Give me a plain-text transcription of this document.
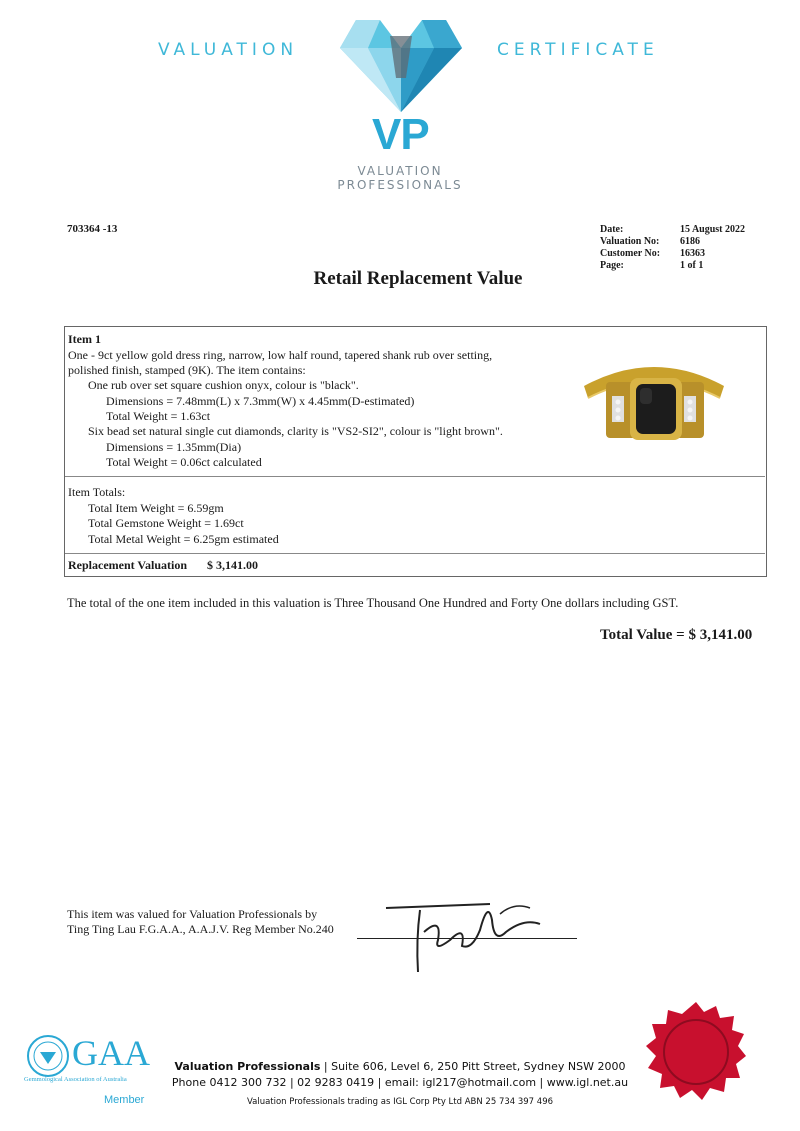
VALUATION	CERTIFICATE
VP
VALUATION
PROFESSIONALS
703364 -13	Date:	15 August 2022
Valuation No: 6186
Customer No: 16363
Page:	1 of 1
Retail Replacement Value
Item 1
One - 9ct yellow gold dress ring, narrow, low half round, tapered shank rub over setting,
polished finish, stamped (9K). The item contains:
One rub over set square cushion onyx, colour is "black".
Dimensions = 7.48mm(L) x 7.3mm(W) x 4.45mm(D-estimated)
Total Weight = 1.63ct
Six bead set natural single cut diamonds, clarity is "VS2-SI2", colour is "light brown".
Dimensions = 1.35mm(Dia)
Total Weight = 0.06ct calculated
Item Totals:
Total Item Weight = 6.59gm
Total Gemstone Weight = 1.69ct
Total Metal Weight = 6.25gm estimated
Replacement Valuation $ 3,141.00
The total of the one item included in this valuation is Three Thousand One Hundred and Forty One dollars including GST.
Total Value = $ 3,141.00
This item was valued for Valuation Professionals by
Ting Ting Lau F.G.A.A., A.A.J.V. Reg Member No.240
GAA
Gemmological Association of Australia
Member
Valuation Professionals | Suite 606, Level 6, 250 Pitt Street, Sydney NSW 2000
Phone 0412 300 732 | 02 9283 0419 | email: igl217@hotmail.com | www.igl.net.au
Valuation Professionals trading as IGL Corp Pty Ltd ABN 25 734 397 496
